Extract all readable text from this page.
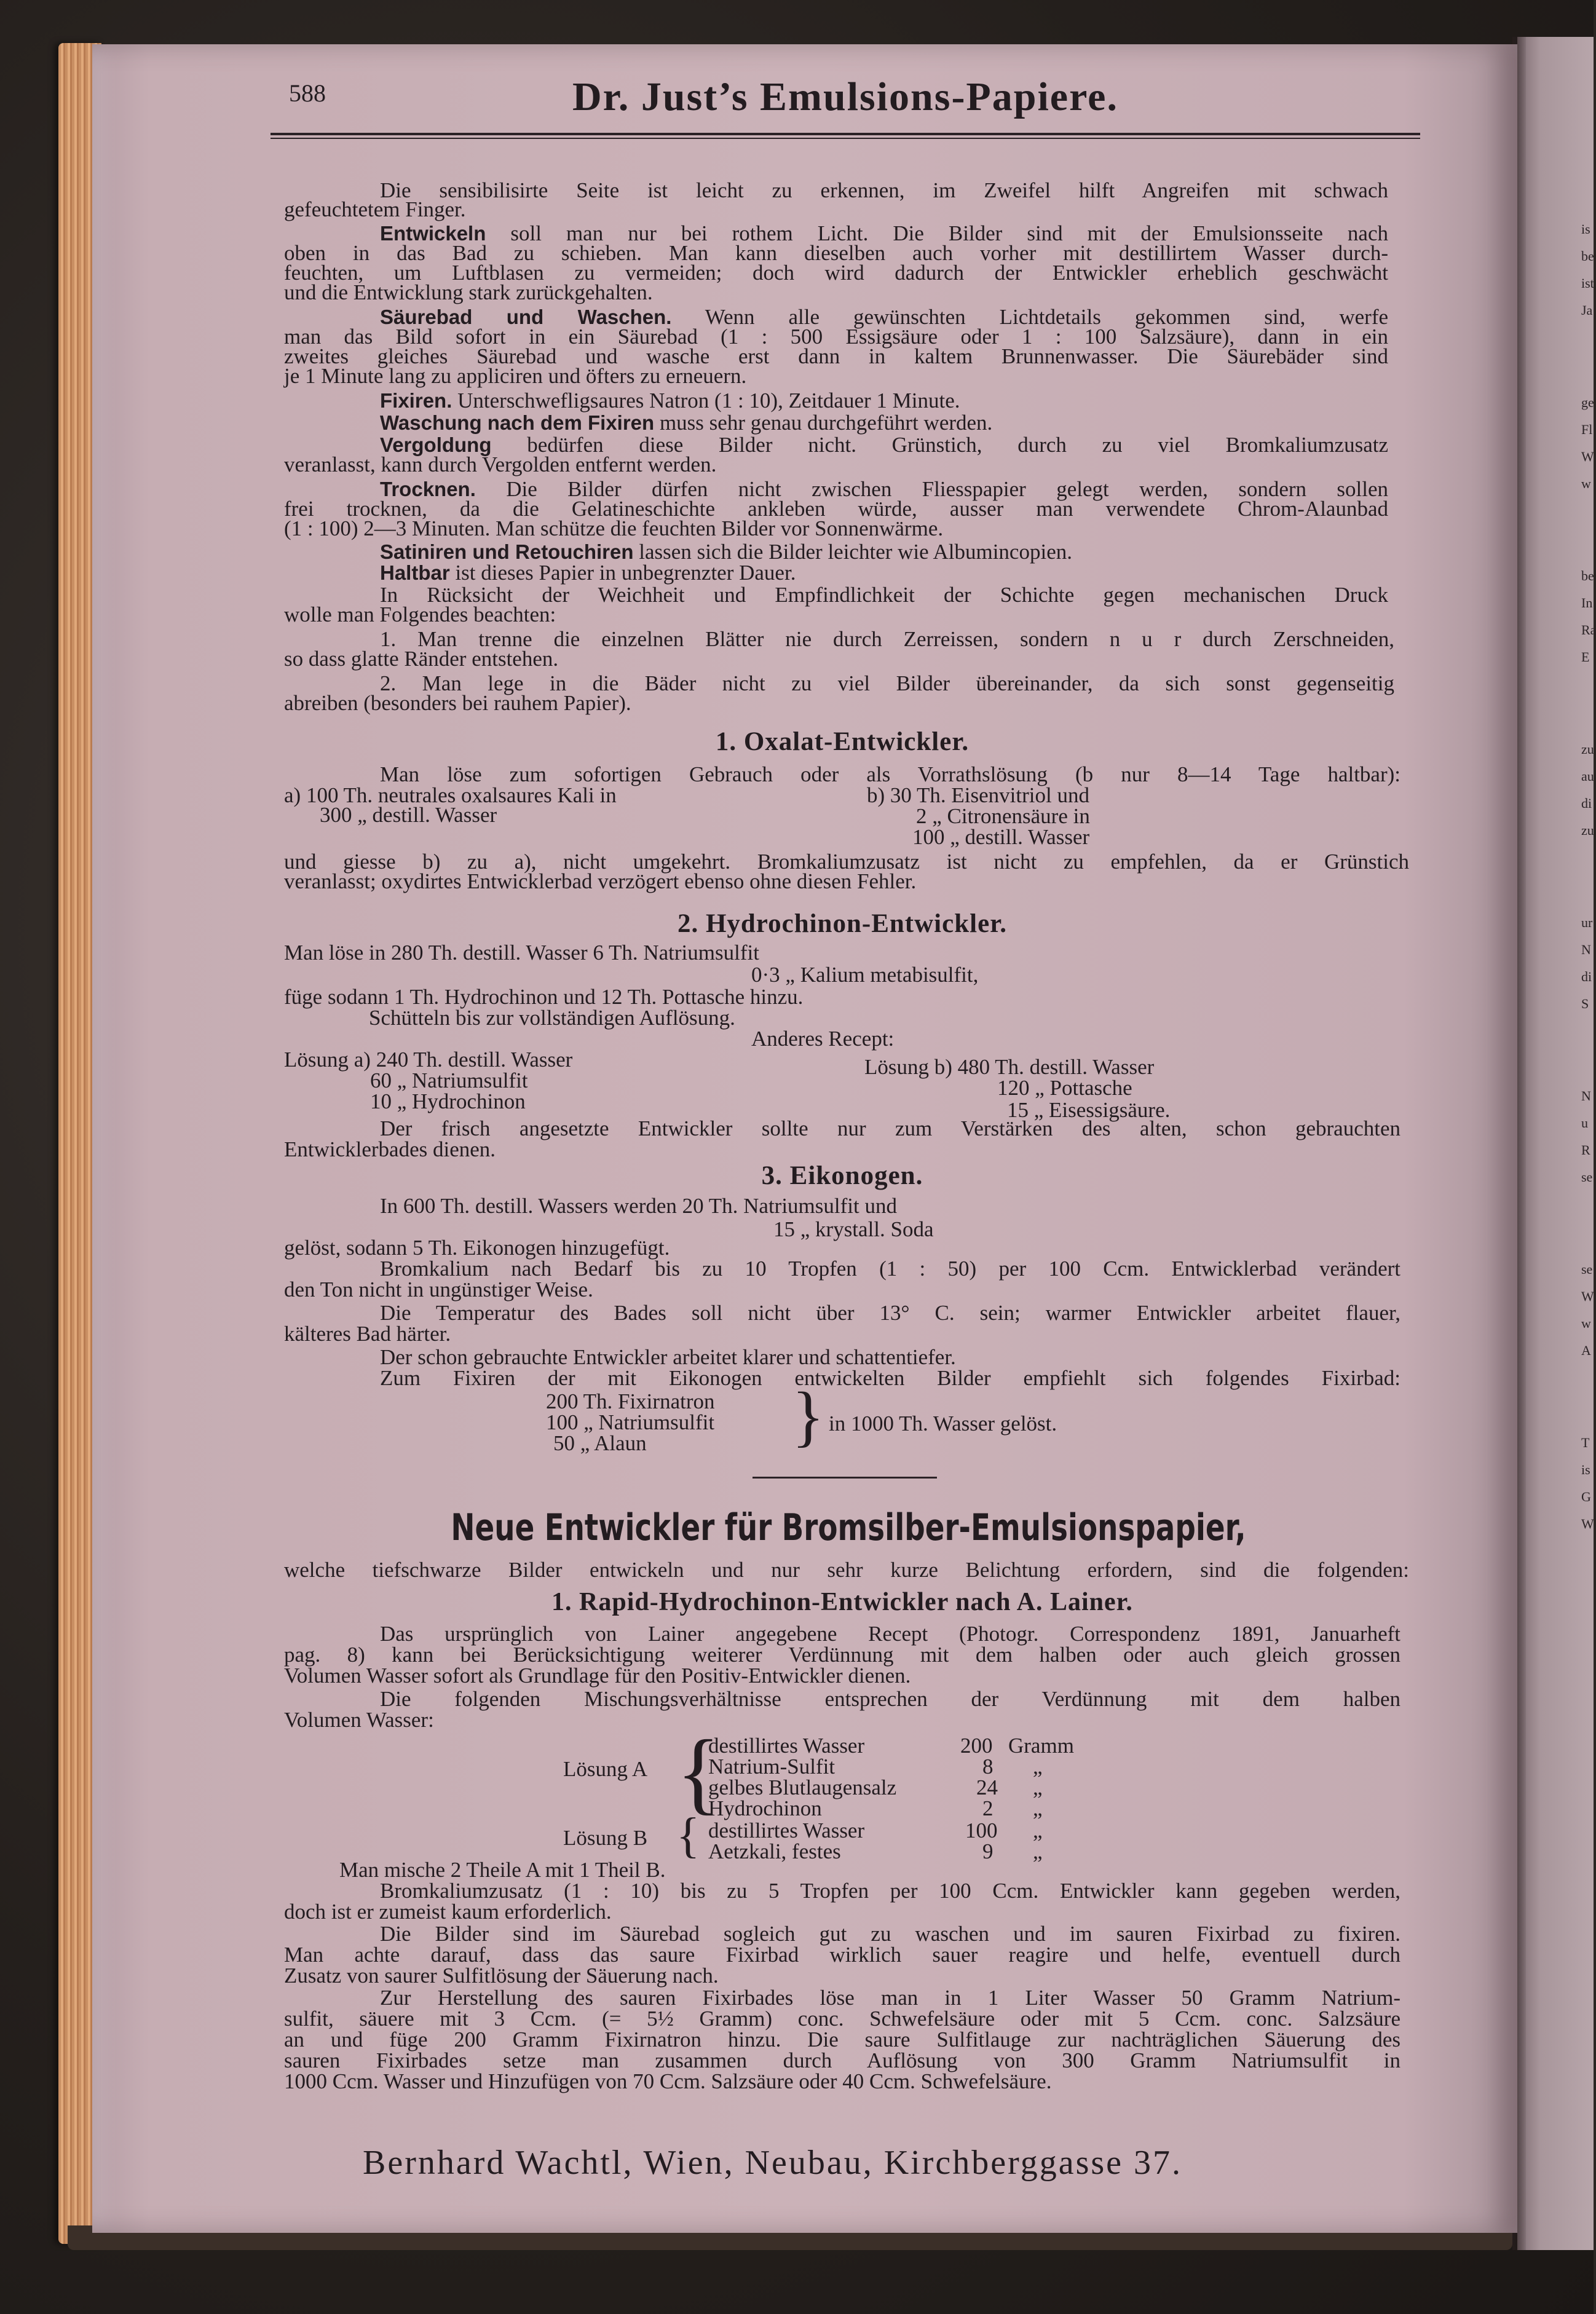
is
be
ist
Ja
ge
Fl
W
w
be
In
Ra
E
zu
au
di
zu
ur
N
di
S
N
u
R
se
se
W
w
A
T
is
G
W
588	Dr. Just’s Emulsions-Papiere.
Die sensibilisirte Seite ist leicht zu erkennen, im Zweifel hilft Angreifen mit schwach
gefeuchtetem Finger.
Entwickeln soll man nur bei rothem Licht. Die Bilder sind mit der Emulsionsseite nach
oben in das Bad zu schieben. Man kann dieselben auch vorher mit destillirtem Wasser durch-
feuchten, um Luftblasen zu vermeiden; doch wird dadurch der Entwickler erheblich geschwächt
und die Entwicklung stark zurückgehalten.
Säurebad und Waschen. Wenn alle gewünschten Lichtdetails gekommen sind, werfe
man das Bild sofort in ein Säurebad (1 : 500 Essigsäure oder 1 : 100 Salzsäure), dann in ein
zweites gleiches Säurebad und wasche erst dann in kaltem Brunnenwasser. Die Säurebäder sind
je 1 Minute lang zu appliciren und öfters zu erneuern.
Fixiren. Unterschwefligsaures Natron (1 : 10), Zeitdauer 1 Minute.
Waschung nach dem Fixiren muss sehr genau durchgeführt werden.
Vergoldung bedürfen diese Bilder nicht. Grünstich, durch zu viel Bromkaliumzusatz
veranlasst, kann durch Vergolden entfernt werden.
Trocknen. Die Bilder dürfen nicht zwischen Fliesspapier gelegt werden, sondern sollen
frei trocknen, da die Gelatineschichte ankleben würde, ausser man verwendete Chrom-Alaunbad
(1 : 100) 2—3 Minuten. Man schütze die feuchten Bilder vor Sonnenwärme.
Satiniren und Retouchiren lassen sich die Bilder leichter wie Albumincopien.
Haltbar ist dieses Papier in unbegrenzter Dauer.
In Rücksicht der Weichheit und Empfindlichkeit der Schichte gegen mechanischen Druck
wolle man Folgendes beachten:
1. Man trenne die einzelnen Blätter nie durch Zerreissen, sondern n u r durch Zerschneiden,
so dass glatte Ränder entstehen.
2. Man lege in die Bäder nicht zu viel Bilder übereinander, da sich sonst gegenseitig
abreiben (besonders bei rauhem Papier).
1. Oxalat-Entwickler.
Man löse zum sofortigen Gebrauch oder als Vorrathslösung (b nur 8—14 Tage haltbar):
a) 100 Th. neutrales oxalsaures Kali in
300 „ destill. Wasser
b) 30 Th. Eisenvitriol und
2 „ Citronensäure in
100 „ destill. Wasser
und giesse b) zu a), nicht umgekehrt. Bromkaliumzusatz ist nicht zu empfehlen, da er Grünstich
veranlasst; oxydirtes Entwicklerbad verzögert ebenso ohne diesen Fehler.
2. Hydrochinon-Entwickler.
Man löse in 280 Th. destill. Wasser 6 Th. Natriumsulfit
0·3 „ Kalium metabisulfit,
füge sodann 1 Th. Hydrochinon und 12 Th. Pottasche hinzu.
Schütteln bis zur vollständigen Auflösung.
Anderes Recept:
Lösung a) 240 Th. destill. Wasser
60 „ Natriumsulfit
10 „ Hydrochinon
Lösung b) 480 Th. destill. Wasser
120 „ Pottasche
15 „ Eisessigsäure.
Der frisch angesetzte Entwickler sollte nur zum Verstärken des alten, schon gebrauchten
Entwicklerbades dienen.
3. Eikonogen.
In 600 Th. destill. Wassers werden 20 Th. Natriumsulfit und
15 „ krystall. Soda
gelöst, sodann 5 Th. Eikonogen hinzugefügt.
Bromkalium nach Bedarf bis zu 10 Tropfen (1 : 50) per 100 Ccm. Entwicklerbad verändert
den Ton nicht in ungünstiger Weise.
Die Temperatur des Bades soll nicht über 13° C. sein; warmer Entwickler arbeitet flauer,
kälteres Bad härter.
Der schon gebrauchte Entwickler arbeitet klarer und schattentiefer.
Zum Fixiren der mit Eikonogen entwickelten Bilder empfiehlt sich folgendes Fixirbad:
200 Th. Fixirnatron
100 „ Natriumsulfit
50 „ Alaun } in 1000 Th. Wasser gelöst.
Neue Entwickler für Bromsilber-Emulsionspapier,
welche tiefschwarze Bilder entwickeln und nur sehr kurze Belichtung erfordern, sind die folgenden:
1. Rapid-Hydrochinon-Entwickler nach A. Lainer.
Das ursprünglich von Lainer angegebene Recept (Photogr. Correspondenz 1891, Januarheft
pag. 8) kann bei Berücksichtigung weiterer Verdünnung mit dem halben oder auch gleich grossen
Volumen Wasser sofort als Grundlage für den Positiv-Entwickler dienen.
Die folgenden Mischungsverhältnisse entsprechen der Verdünnung mit dem halben
Volumen Wasser:
Lösung A {
destillirtes Wasser	200 Gramm
Natrium-Sulfit	8 „
gelbes Blutlaugensalz	24 „
Hydrochinon	2 „
Lösung B { destillirtes Wasser	100 „
Aetzkali, festes	9 „
Man mische 2 Theile A mit 1 Theil B.
Bromkaliumzusatz (1 : 10) bis zu 5 Tropfen per 100 Ccm. Entwickler kann gegeben werden,
doch ist er zumeist kaum erforderlich.
Die Bilder sind im Säurebad sogleich gut zu waschen und im sauren Fixirbad zu fixiren.
Man achte darauf, dass das saure Fixirbad wirklich sauer reagire und helfe, eventuell durch
Zusatz von saurer Sulfitlösung der Säuerung nach.
Zur Herstellung des sauren Fixirbades löse man in 1 Liter Wasser 50 Gramm Natrium-
sulfit, säuere mit 3 Ccm. (= 5½ Gramm) conc. Schwefelsäure oder mit 5 Ccm. conc. Salzsäure
an und füge 200 Gramm Fixirnatron hinzu. Die saure Sulfitlauge zur nachträglichen Säuerung des
sauren Fixirbades setze man zusammen durch Auflösung von 300 Gramm Natriumsulfit in
1000 Ccm. Wasser und Hinzufügen von 70 Ccm. Salzsäure oder 40 Ccm. Schwefelsäure.
Bernhard Wachtl, Wien, Neubau, Kirchberggasse 37.
